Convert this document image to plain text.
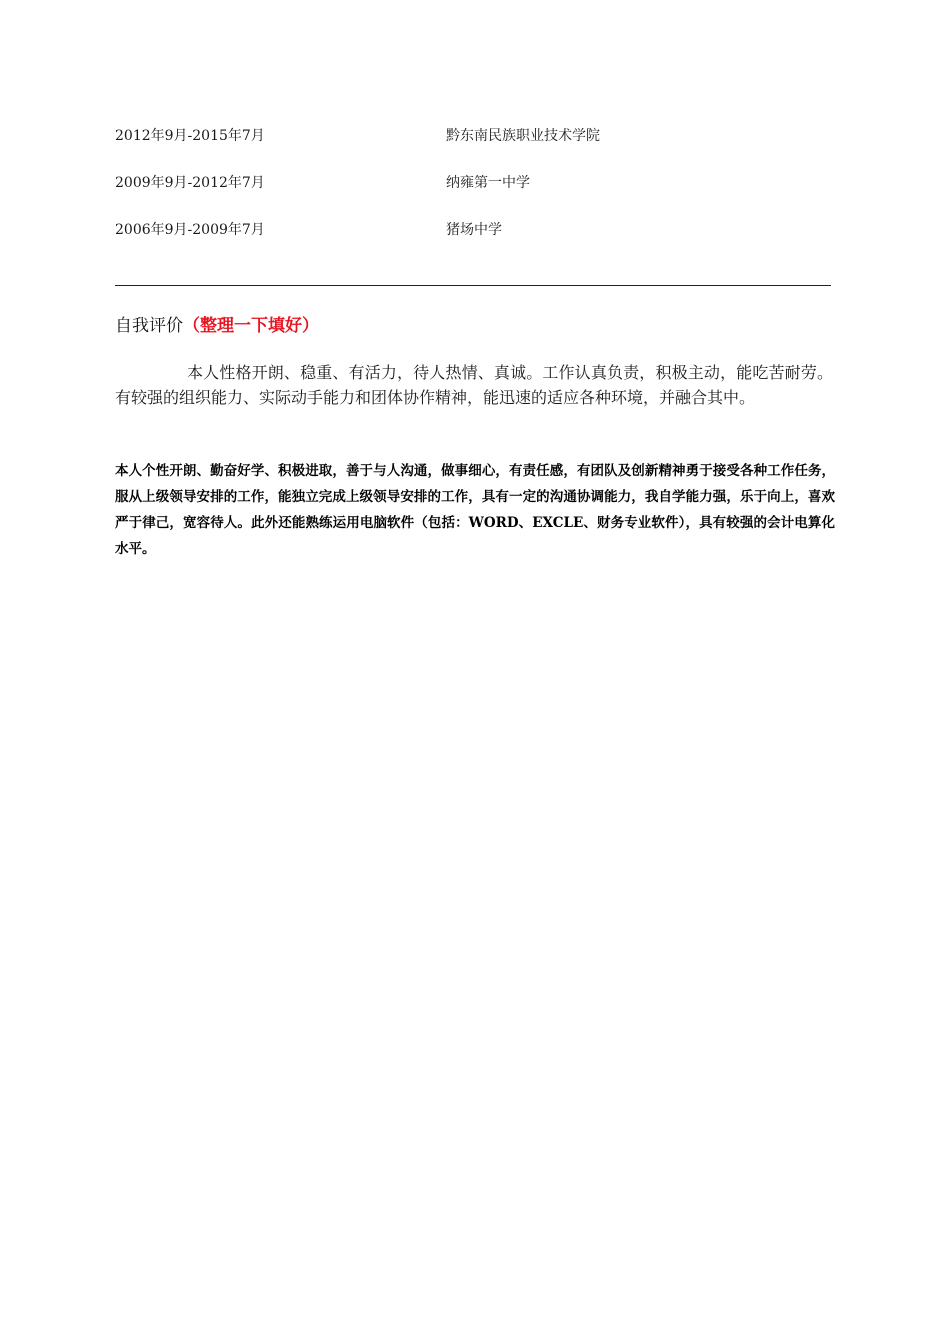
2012年9月-2015年7月	黔东南民族职业技术学院
2009年9月-2012年7月	纳雍第一中学
2006年9月-2009年7月	猪场中学
自我评价（整理一下填好）

本人性格开朗、稳重、有活力，待人热情、真诚。工作认真负责，积极主动，能吃苦耐劳。有较强的组织能力、实际动手能力和团体协作精神，能迅速的适应各种环境，并融合其中。

本人个性开朗、勤奋好学、积极进取，善于与人沟通，做事细心，有责任感，有团队及创新精神勇于接受各种工作任务，服从上级领导安排的工作，能独立完成上级领导安排的工作，具有一定的沟通协调能力，我自学能力强，乐于向上，喜欢严于律己，宽容待人。此外还能熟练运用电脑软件（包括：WORD、EXCLE、财务专业软件），具有较强的会计电算化水平。
